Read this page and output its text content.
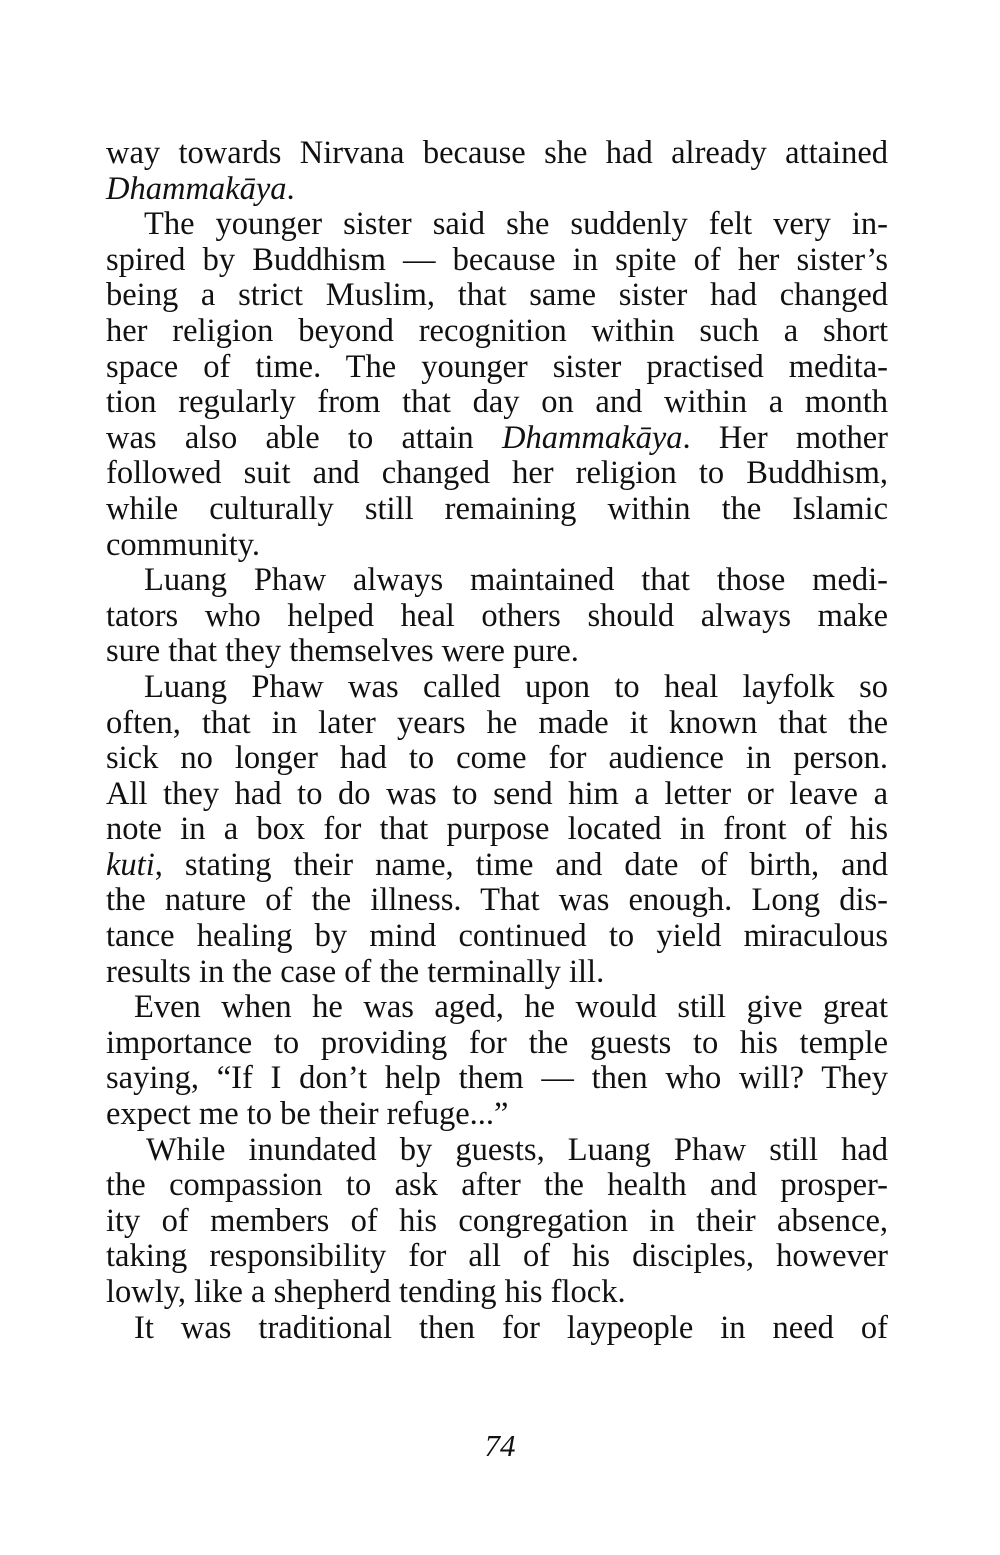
way towards Nirvana because she had already attained
Dhammakāya.
The younger sister said she suddenly felt very in-
spired by Buddhism — because in spite of her sister’s
being a strict Muslim, that same sister had changed
her religion beyond recognition within such a short
space of time. The younger sister practised medita-
tion regularly from that day on and within a month
was also able to attain Dhammakāya. Her mother
followed suit and changed her religion to Buddhism,
while culturally still remaining within the Islamic
community.
Luang Phaw always maintained that those medi-
tators who helped heal others should always make
sure that they themselves were pure.
Luang Phaw was called upon to heal layfolk so
often, that in later years he made it known that the
sick no longer had to come for audience in person.
All they had to do was to send him a letter or leave a
note in a box for that purpose located in front of his
kuti, stating their name, time and date of birth, and
the nature of the illness. That was enough. Long dis-
tance healing by mind continued to yield miraculous
results in the case of the terminally ill.
Even when he was aged, he would still give great
importance to providing for the guests to his temple
saying, “If I don’t help them — then who will? They
expect me to be their refuge...”
While inundated by guests, Luang Phaw still had
the compassion to ask after the health and prosper-
ity of members of his congregation in their absence,
taking responsibility for all of his disciples, however
lowly, like a shepherd tending his flock.
It was traditional then for laypeople in need of
74
